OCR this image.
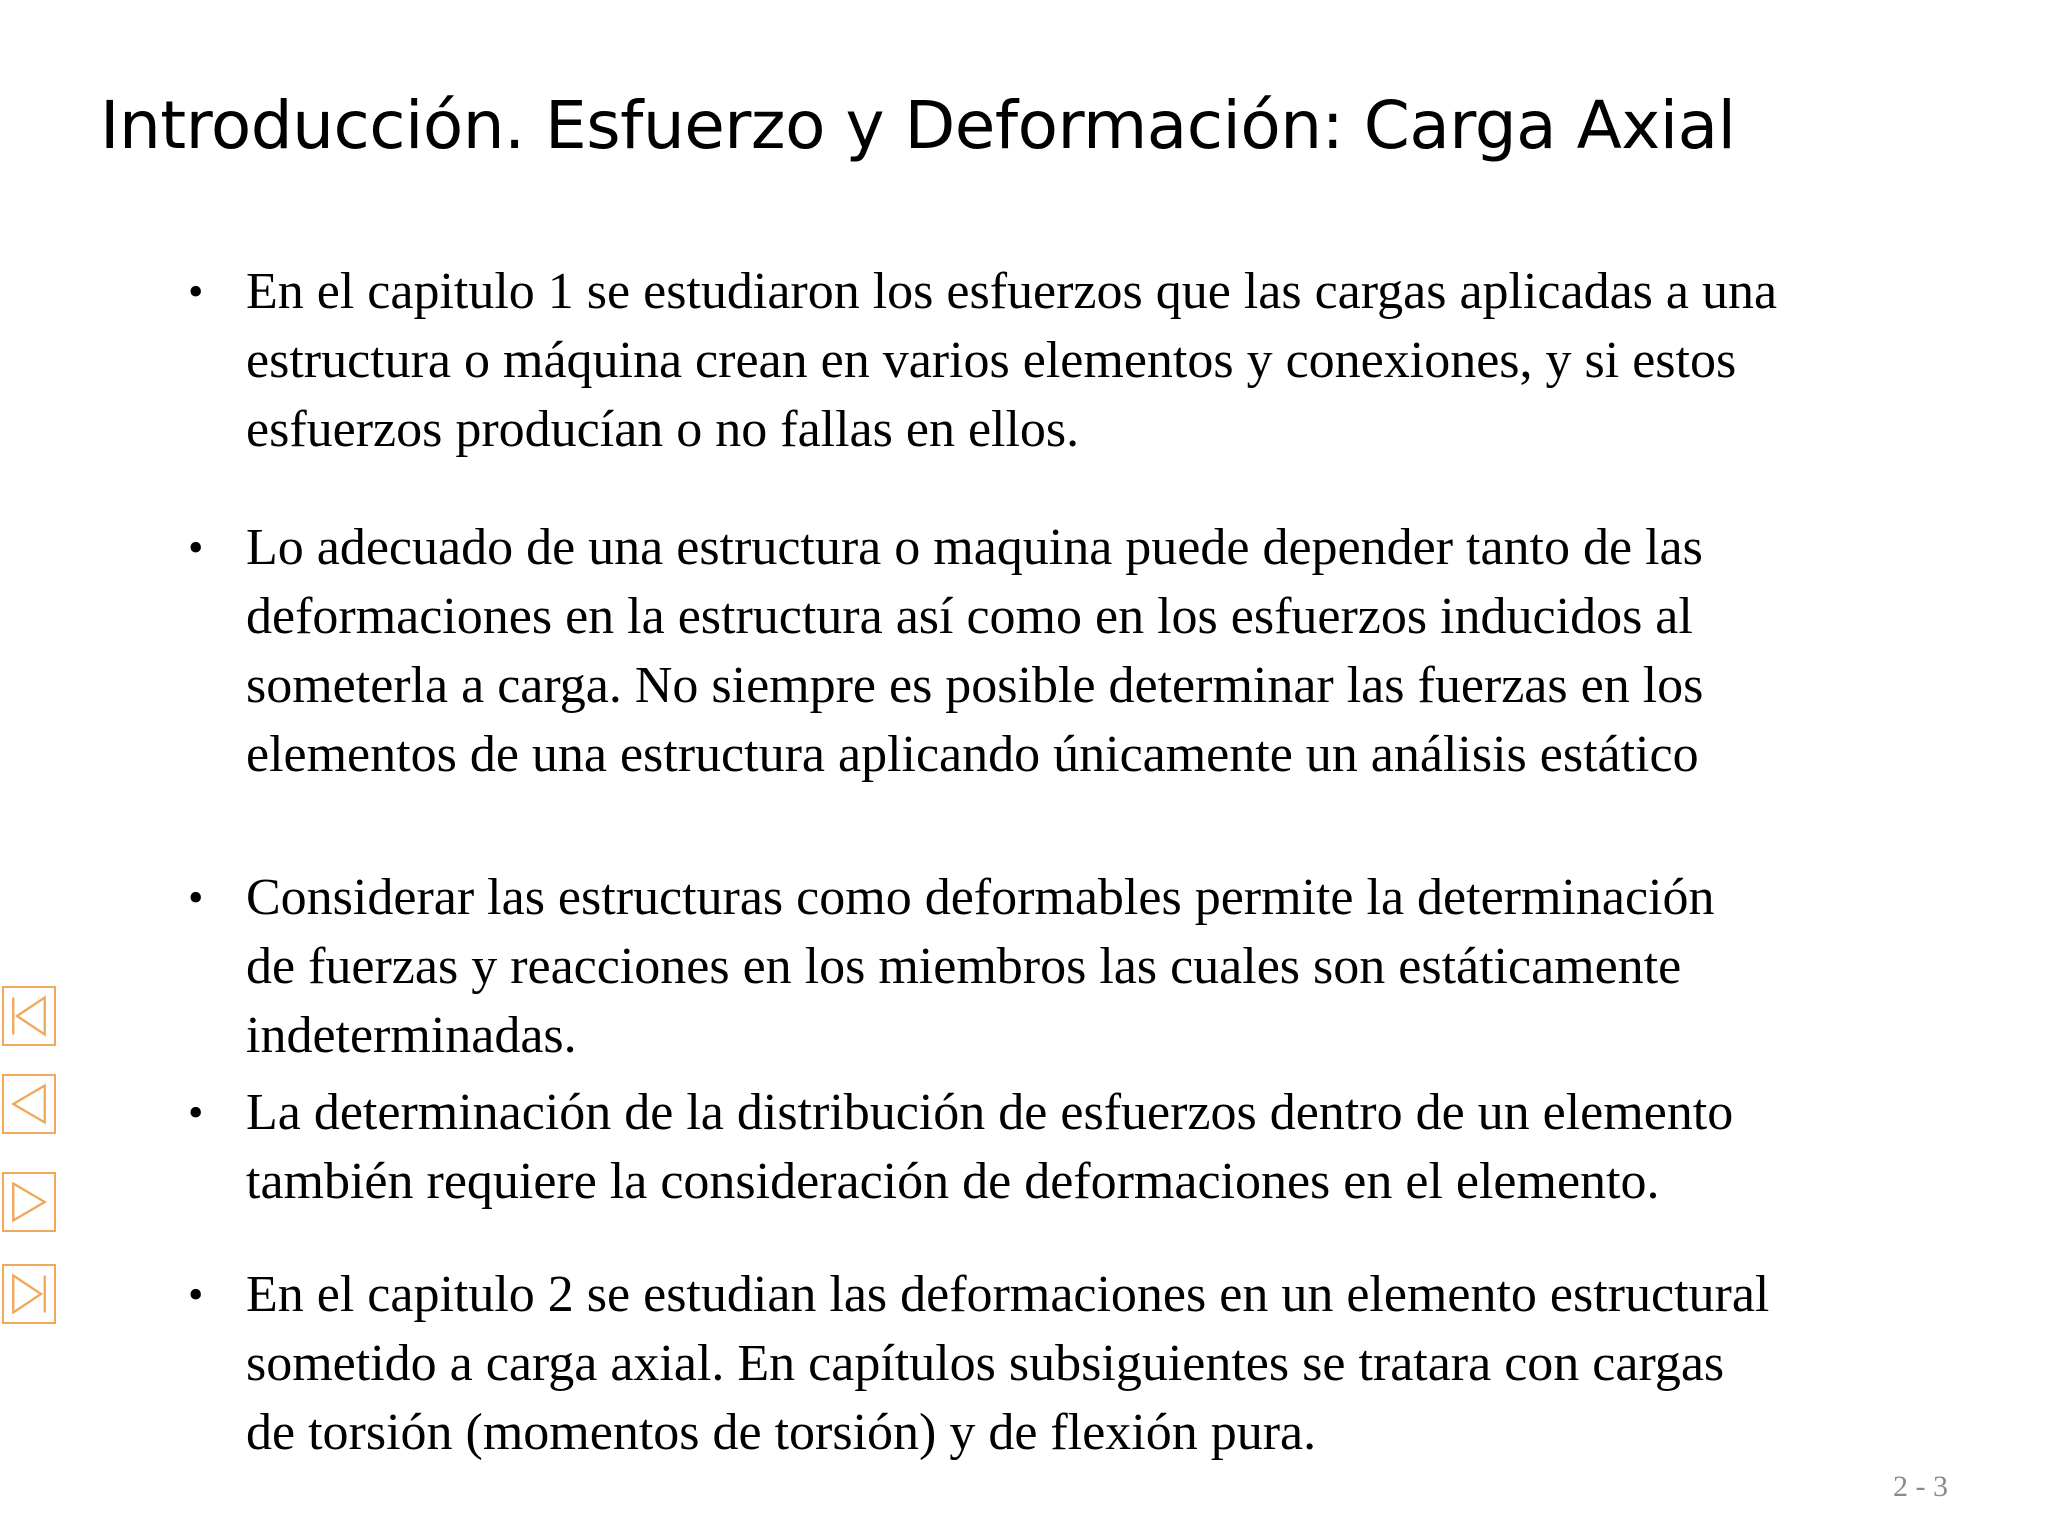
Introducción. Esfuerzo y Deformación: Carga Axial
• En el capitulo 1 se estudiaron los esfuerzos que las cargas aplicadas a una
estructura o máquina crean en varios elementos y conexiones, y si estos
esfuerzos producían o no fallas en ellos.
• Lo adecuado de una estructura o maquina puede depender tanto de las
deformaciones en la estructura así como en los esfuerzos inducidos al
someterla a carga. No siempre es posible determinar las fuerzas en los
elementos de una estructura aplicando únicamente un análisis estático
• Considerar las estructuras como deformables permite la determinación
de fuerzas y reacciones en los miembros las cuales son estáticamente
indeterminadas.
• La determinación de la distribución de esfuerzos dentro de un elemento
también requiere la consideración de deformaciones en el elemento.
• En el capitulo 2 se estudian las deformaciones en un elemento estructural
sometido a carga axial. En capítulos subsiguientes se tratara con cargas
de torsión (momentos de torsión) y de flexión pura.
2 - 3
